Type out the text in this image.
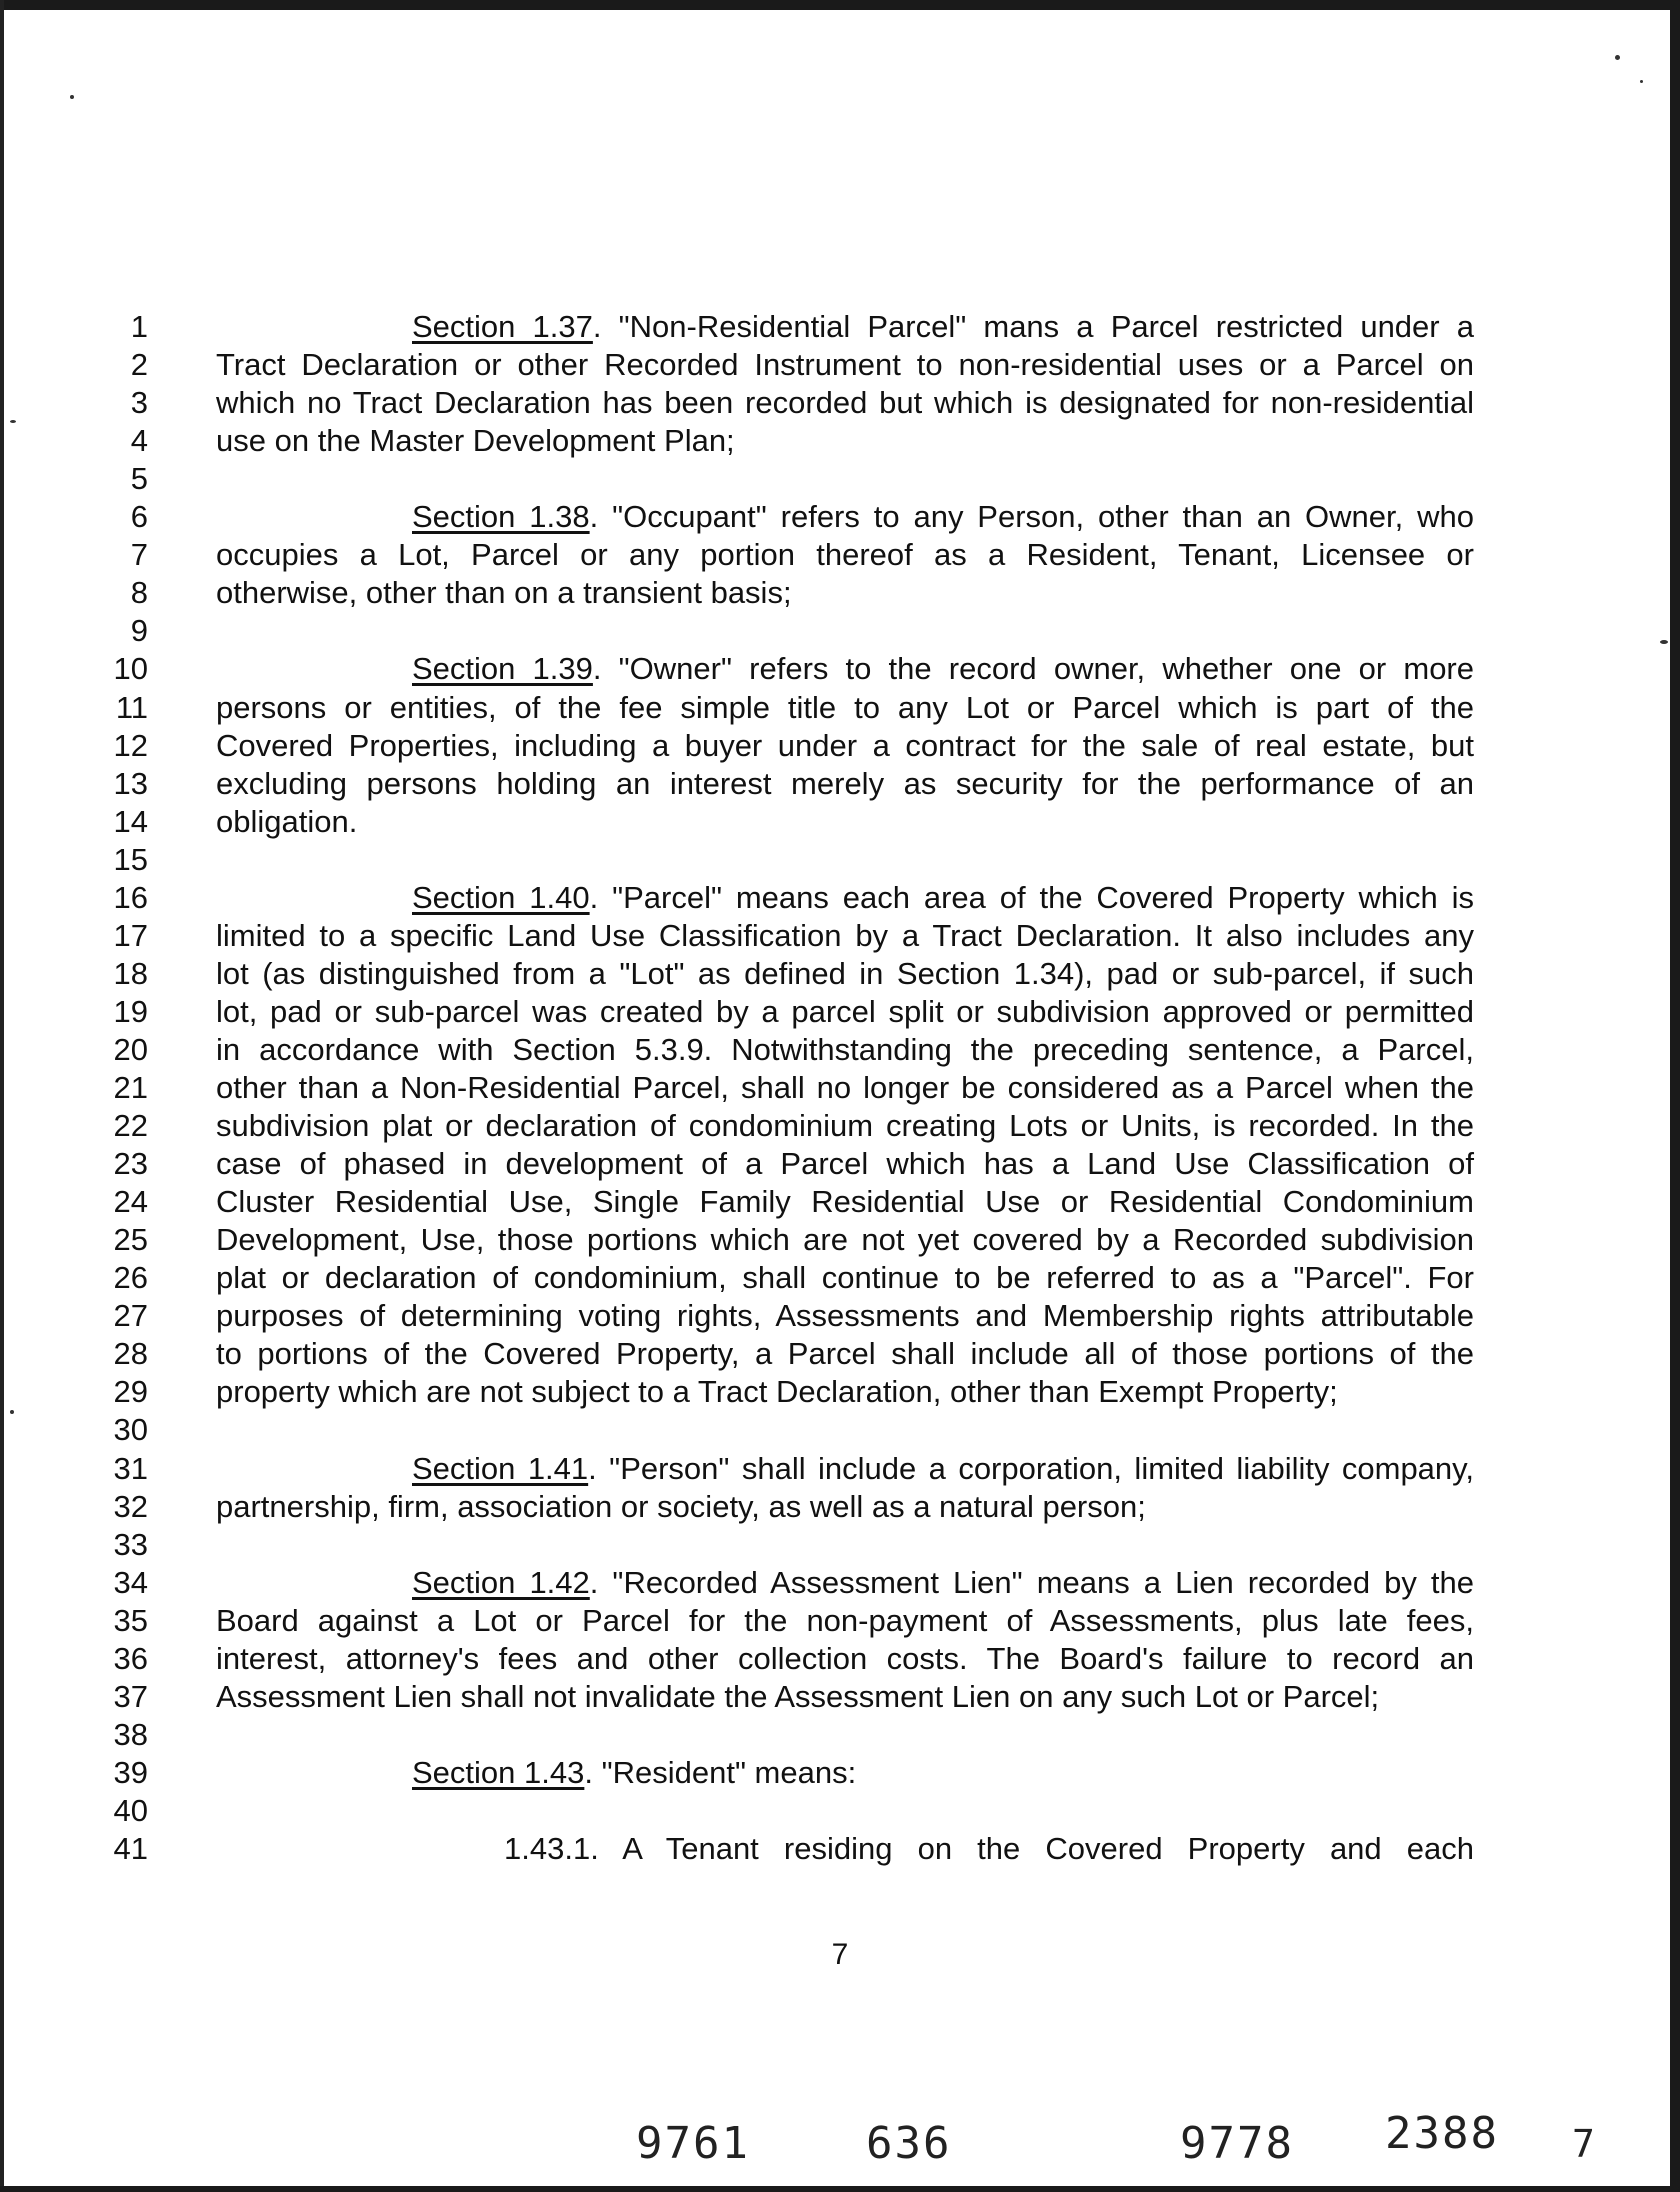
1	Section 1.37. "Non-Residential Parcel" mans a Parcel restricted under a
2 Tract Declaration or other Recorded Instrument to non-residential uses or a Parcel on
3 which no Tract Declaration has been recorded but which is designated for non-residential
4 use on the Master Development Plan;
5
6	Section 1.38. "Occupant" refers to any Person, other than an Owner, who
7 occupies a Lot, Parcel or any portion thereof as a Resident, Tenant, Licensee or
8 otherwise, other than on a transient basis;
9
10	Section 1.39. "Owner" refers to the record owner, whether one or more
11 persons or entities, of the fee simple title to any Lot or Parcel which is part of the
12 Covered Properties, including a buyer under a contract for the sale of real estate, but
13 excluding persons holding an interest merely as security for the performance of an
14 obligation.
15
16	Section 1.40. "Parcel" means each area of the Covered Property which is
17 limited to a specific Land Use Classification by a Tract Declaration. It also includes any
18 lot (as distinguished from a "Lot" as defined in Section 1.34), pad or sub-parcel, if such
19 lot, pad or sub-parcel was created by a parcel split or subdivision approved or permitted
20 in accordance with Section 5.3.9. Notwithstanding the preceding sentence, a Parcel,
21 other than a Non-Residential Parcel, shall no longer be considered as a Parcel when the
22 subdivision plat or declaration of condominium creating Lots or Units, is recorded. In the
23 case of phased in development of a Parcel which has a Land Use Classification of
24 Cluster Residential Use, Single Family Residential Use or Residential Condominium
25 Development, Use, those portions which are not yet covered by a Recorded subdivision
26 plat or declaration of condominium, shall continue to be referred to as a "Parcel". For
27 purposes of determining voting rights, Assessments and Membership rights attributable
28 to portions of the Covered Property, a Parcel shall include all of those portions of the
29 property which are not subject to a Tract Declaration, other than Exempt Property;
30
31	Section 1.41. "Person" shall include a corporation, limited liability company,
32 partnership, firm, association or society, as well as a natural person;
33
34	Section 1.42. "Recorded Assessment Lien" means a Lien recorded by the
35 Board against a Lot or Parcel for the non-payment of Assessments, plus late fees,
36 interest, attorney's fees and other collection costs. The Board's failure to record an
37 Assessment Lien shall not invalidate the Assessment Lien on any such Lot or Parcel;
38
39	Section 1.43. "Resident" means:
40
41	1.43.1. A Tenant residing on the Covered Property and each
7
9761	636	9778 2388 7
